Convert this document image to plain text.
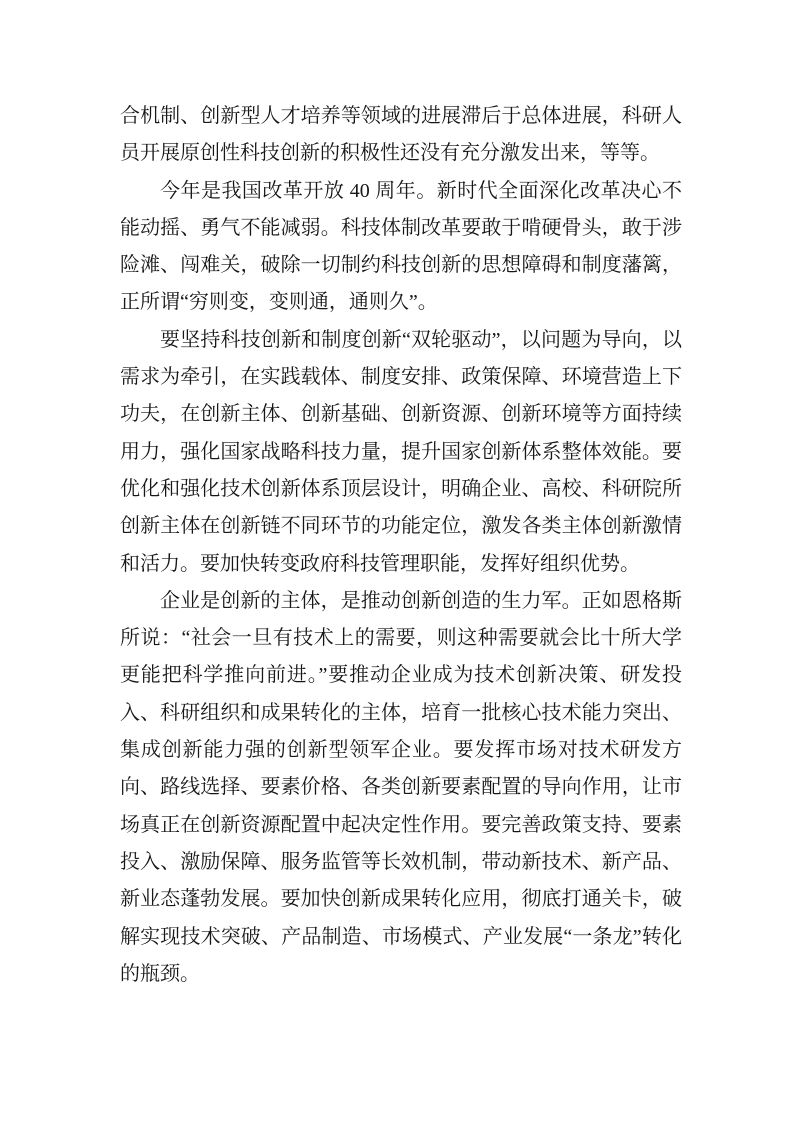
合机制、创新型人才培养等领域的进展滞后于总体进展，科研人员开展原创性科技创新的积极性还没有充分激发出来，等等。

今年是我国改革开放 40 周年。新时代全面深化改革决心不能动摇、勇气不能减弱。科技体制改革要敢于啃硬骨头，敢于涉险滩、闯难关，破除一切制约科技创新的思想障碍和制度藩篱，正所谓“穷则变，变则通，通则久”。

要坚持科技创新和制度创新“双轮驱动”，以问题为导向，以需求为牵引，在实践载体、制度安排、政策保障、环境营造上下功夫，在创新主体、创新基础、创新资源、创新环境等方面持续用力，强化国家战略科技力量，提升国家创新体系整体效能。要优化和强化技术创新体系顶层设计，明确企业、高校、科研院所创新主体在创新链不同环节的功能定位，激发各类主体创新激情和活力。要加快转变政府科技管理职能，发挥好组织优势。

企业是创新的主体，是推动创新创造的生力军。正如恩格斯所说：“社会一旦有技术上的需要，则这种需要就会比十所大学更能把科学推向前进。”要推动企业成为技术创新决策、研发投入、科研组织和成果转化的主体，培育一批核心技术能力突出、集成创新能力强的创新型领军企业。要发挥市场对技术研发方向、路线选择、要素价格、各类创新要素配置的导向作用，让市场真正在创新资源配置中起决定性作用。要完善政策支持、要素投入、激励保障、服务监管等长效机制，带动新技术、新产品、新业态蓬勃发展。要加快创新成果转化应用，彻底打通关卡，破解实现技术突破、产品制造、市场模式、产业发展“一条龙”转化的瓶颈。
